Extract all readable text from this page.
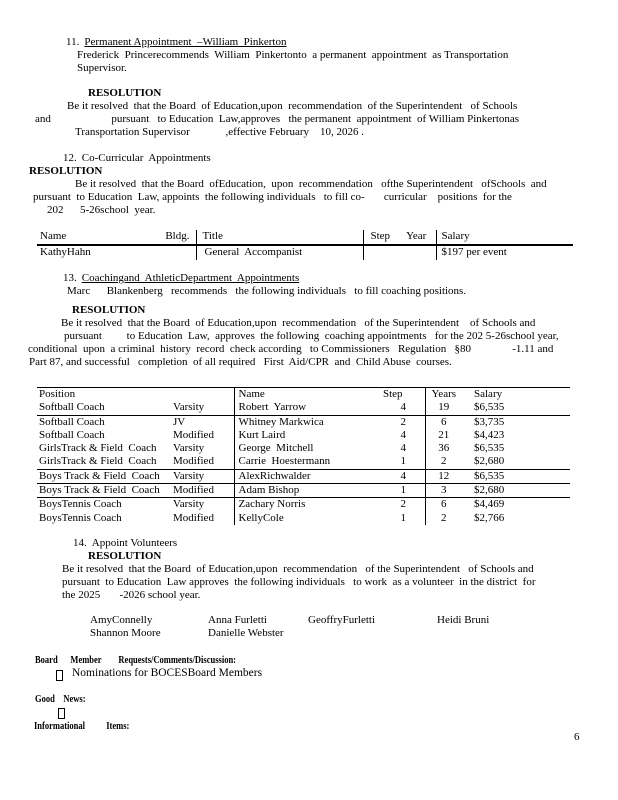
11. Permanent Appointment  –William  Pinkerton
Frederick  Princerecommends  William  Pinkertonto  a permanent  appointment  as Transportation
Supervisor.
RESOLUTION
Be it resolved  that the Board  of Education,upon  recommendation  of the Superintendent   of Schools
and                      pursuant   to Education  Law,approves   the permanent  appointment  of William Pinkertonas
Transportation Supervisor             ,effective February    10, 2026 .
12. Co-Curricular  Appointments
RESOLUTION
Be it resolved  that the Board  ofEducation,  upon  recommendation   ofthe Superintendent   ofSchools  and
pursuant  to Education  Law, appoints  the following individuals   to fill co-       curricular    positions  for the
202      5-26school  year.
Name	Bldg.	Title	Step Year	Salary
KathyHahn		General  Accompanist		$197 per event
13. Coachingand  AthleticDepartment  Appointments
Marc      Blankenberg   recommends   the following individuals   to fill coaching positions.
RESOLUTION
Be it resolved  that the Board  of Education,upon  recommendation   of the Superintendent    of Schools and
pursuant         to Education  Law,  approves  the following  coaching appointments   for the 202 5-26school year,
conditional  upon  a criminal  history  record  check according   to Commissioners   Regulation   §80               -1.11 and
Part 87, and successful   completion  of all required   First  Aid/CPR  and  Child Abuse  courses.
Position		Name	Step	Years	Salary
Softball Coach	Varsity	Robert  Yarrow	4	19	$6,535
Softball Coach	JV	Whitney Markwica	2	6	$3,735
Softball Coach	Modified	Kurt Laird	4	21	$4,423
GirlsTrack & Field  Coach	Varsity	George  Mitchell	4	36	$6,535
GirlsTrack & Field  Coach	Modified	Carrie  Hoestermann	1	2	$2,680
Boys Track & Field  Coach	Varsity	AlexRichwalder	4	12	$6,535
Boys Track & Field  Coach	Modified	Adam Bishop	1	3	$2,680
BoysTennis Coach	Varsity	Zachary Norris	2	6	$4,469
BoysTennis Coach	Modified	KellyCole	1	2	$2,766
14. Appoint Volunteers
RESOLUTION
Be it resolved  that the Board  of Education,upon  recommendation   of the Superintendent   of Schools and
pursuant  to Education  Law approves  the following individuals   to work  as a volunteer  in the district  for
the 2025       -2026 school year.
AmyConnelly	Anna Furletti	GeoffryFurletti	Heidi Bruni
Shannon Moore	Danielle Webster
Board      Member        Requests/Comments/Discussion:
Nominations for BOCESBoard Members
Good    News:
Informational          Items:
6
